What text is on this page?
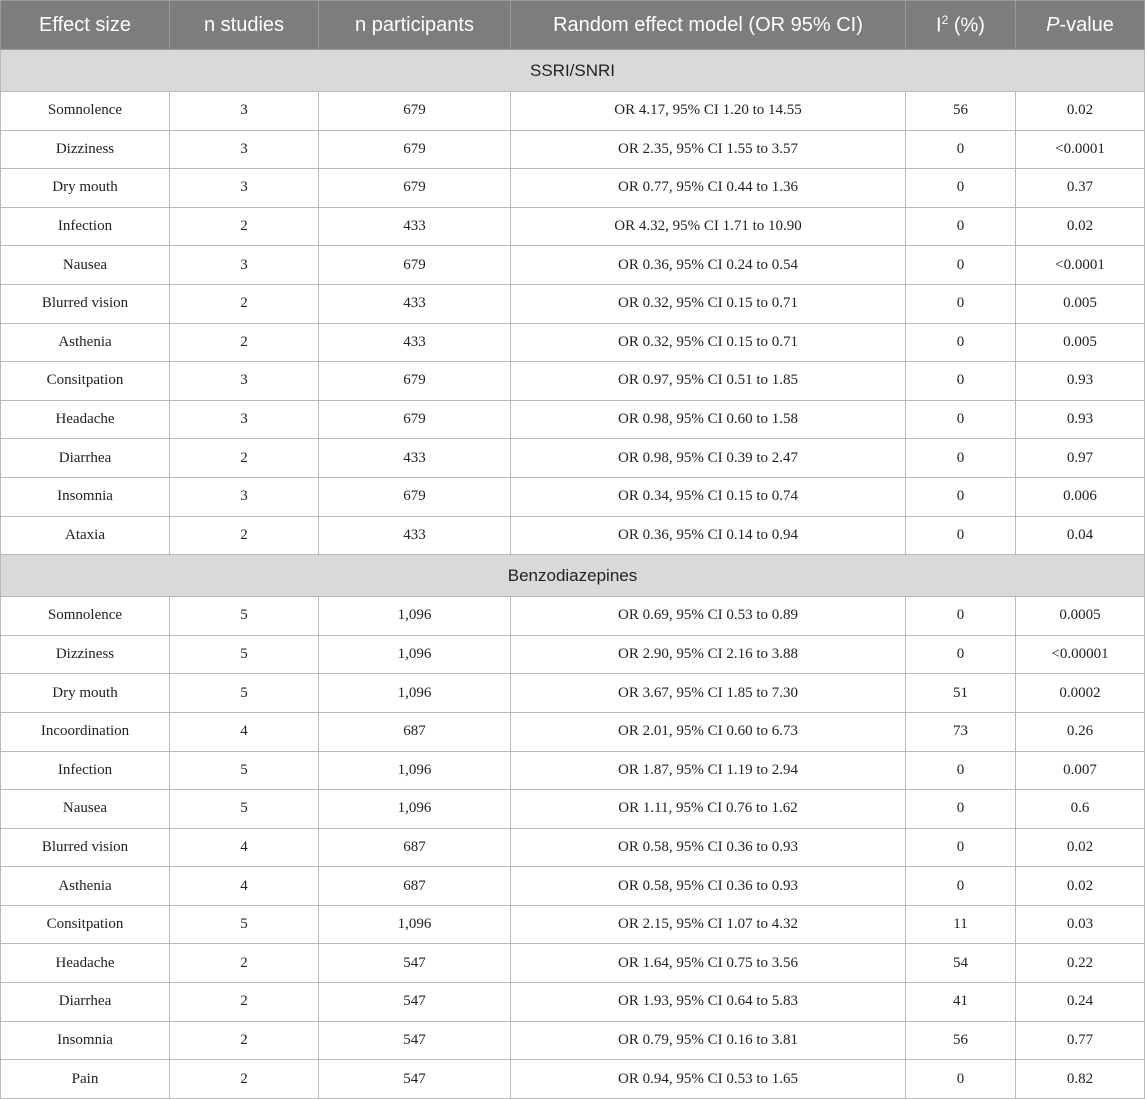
Effect size	n studies	n participants	Random effect model (OR 95% CI)	$I^2$ (%)	P-value
SSRI/SNRI					
Somnolence	3	679	OR 4.17, 95% CI 1.20 to 14.55	56	0.02
Dizziness	3	679	OR 2.35, 95% CI 1.55 to 3.57	0	<0.0001
Dry mouth	3	679	OR 0.77, 95% CI 0.44 to 1.36	0	0.37
Infection	2	433	OR 4.32, 95% CI 1.71 to 10.90	0	0.02
Nausea	3	679	OR 0.36, 95% CI 0.24 to 0.54	0	<0.0001
Blurred vision	2	433	OR 0.32, 95% CI 0.15 to 0.71	0	0.005
Asthenia	2	433	OR 0.32, 95% CI 0.15 to 0.71	0	0.005
Consitpation	3	679	OR 0.97, 95% CI 0.51 to 1.85	0	0.93
Headache	3	679	OR 0.98, 95% CI 0.60 to 1.58	0	0.93
Diarrhea	2	433	OR 0.98, 95% CI 0.39 to 2.47	0	0.97
Insomnia	3	679	OR 0.34, 95% CI 0.15 to 0.74	0	0.006
Ataxia	2	433	OR 0.36, 95% CI 0.14 to 0.94	0	0.04
Benzodiazepines					
Somnolence	5	1,096	OR 0.69, 95% CI 0.53 to 0.89	0	0.0005
Dizziness	5	1,096	OR 2.90, 95% CI 2.16 to 3.88	0	<0.00001
Dry mouth	5	1,096	OR 3.67, 95% CI 1.85 to 7.30	51	0.0002
Incoordination	4	687	OR 2.01, 95% CI 0.60 to 6.73	73	0.26
Infection	5	1,096	OR 1.87, 95% CI 1.19 to 2.94	0	0.007
Nausea	5	1,096	OR 1.11, 95% CI 0.76 to 1.62	0	0.6
Blurred vision	4	687	OR 0.58, 95% CI 0.36 to 0.93	0	0.02
Asthenia	4	687	OR 0.58, 95% CI 0.36 to 0.93	0	0.02
Consitpation	5	1,096	OR 2.15, 95% CI 1.07 to 4.32	11	0.03
Headache	2	547	OR 1.64, 95% CI 0.75 to 3.56	54	0.22
Diarrhea	2	547	OR 1.93, 95% CI 0.64 to 5.83	41	0.24
Insomnia	2	547	OR 0.79, 95% CI 0.16 to 3.81	56	0.77
Pain	2	547	OR 0.94, 95% CI 0.53 to 1.65	0	0.82
